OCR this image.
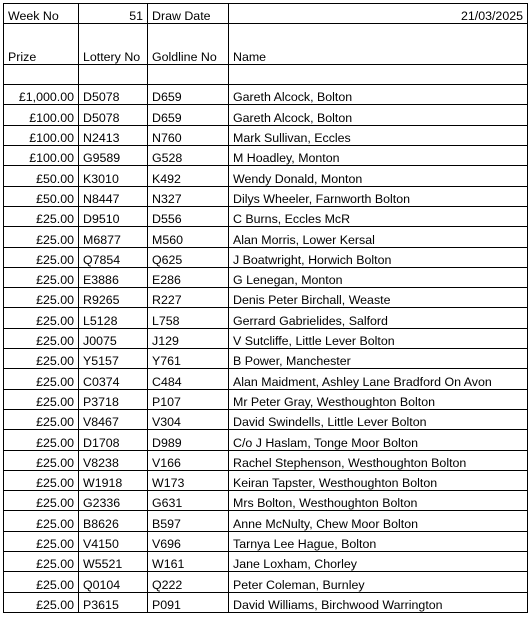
Week No	51	Draw Date	21/03/2025
Prize	Lottery No	Goldline No	Name

£1,000.00	D5078	D659	Gareth Alcock, Bolton
£100.00	D5078	D659	Gareth Alcock, Bolton
£100.00	N2413	N760	Mark Sullivan, Eccles
£100.00	G9589	G528	M Hoadley, Monton
£50.00	K3010	K492	Wendy Donald, Monton
£50.00	N8447	N327	Dilys Wheeler, Farnworth Bolton
£25.00	D9510	D556	C Burns, Eccles McR
£25.00	M6877	M560	Alan Morris, Lower Kersal
£25.00	Q7854	Q625	J Boatwright, Horwich Bolton
£25.00	E3886	E286	G Lenegan, Monton
£25.00	R9265	R227	Denis Peter Birchall, Weaste
£25.00	L5128	L758	Gerrard Gabrielides, Salford
£25.00	J0075	J129	V Sutcliffe, Little Lever Bolton
£25.00	Y5157	Y761	B Power, Manchester
£25.00	C0374	C484	Alan Maidment, Ashley Lane Bradford On Avon
£25.00	P3718	P107	Mr Peter Gray, Westhoughton Bolton
£25.00	V8467	V304	David Swindells, Little Lever Bolton
£25.00	D1708	D989	C/o J Haslam, Tonge Moor Bolton
£25.00	V8238	V166	Rachel Stephenson, Westhoughton Bolton
£25.00	W1918	W173	Keiran Tapster, Westhoughton Bolton
£25.00	G2336	G631	Mrs Bolton, Westhoughton Bolton
£25.00	B8626	B597	Anne McNulty, Chew Moor Bolton
£25.00	V4150	V696	Tarnya Lee Hague, Bolton
£25.00	W5521	W161	Jane Loxham, Chorley
£25.00	Q0104	Q222	Peter Coleman, Burnley
£25.00	P3615	P091	David Williams, Birchwood Warrington
